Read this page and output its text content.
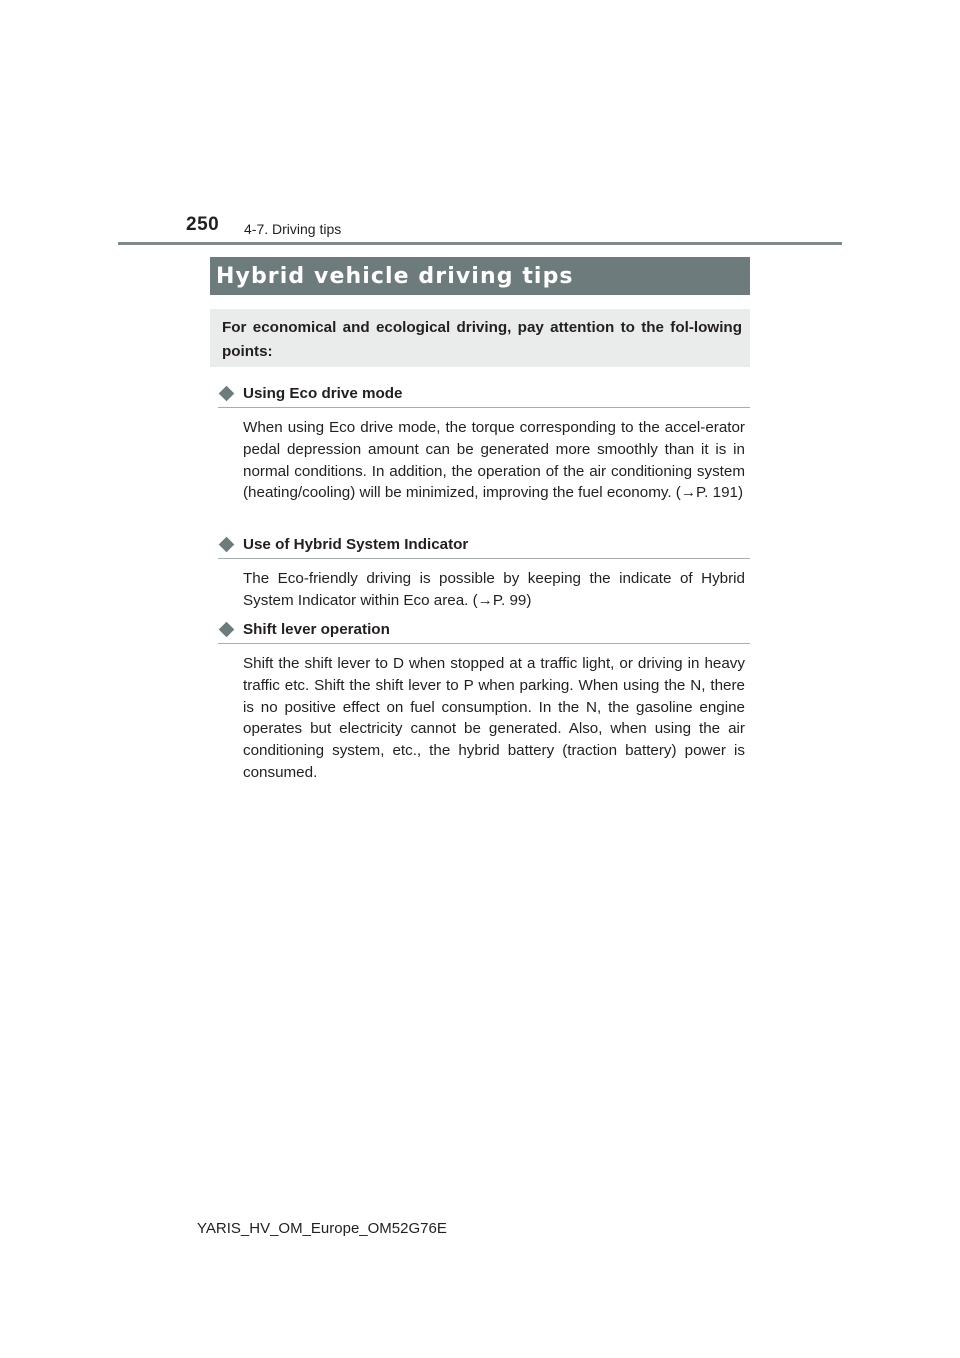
250 4-7. Driving tips
Hybrid vehicle driving tips
For economical and ecological driving, pay attention to the fol-lowing points:
Using Eco drive mode
When using Eco drive mode, the torque corresponding to the accel-erator pedal depression amount can be generated more smoothly than it is in normal conditions. In addition, the operation of the air conditioning system (heating/cooling) will be minimized, improving the fuel economy. (→P. 191)
Use of Hybrid System Indicator
The Eco-friendly driving is possible by keeping the indicate of Hybrid System Indicator within Eco area. (→P. 99)
Shift lever operation
Shift the shift lever to D when stopped at a traffic light, or driving in heavy traffic etc. Shift the shift lever to P when parking. When using the N, there is no positive effect on fuel consumption. In the N, the gasoline engine operates but electricity cannot be generated. Also, when using the air conditioning system, etc., the hybrid battery (traction battery) power is consumed.
YARIS_HV_OM_Europe_OM52G76E
